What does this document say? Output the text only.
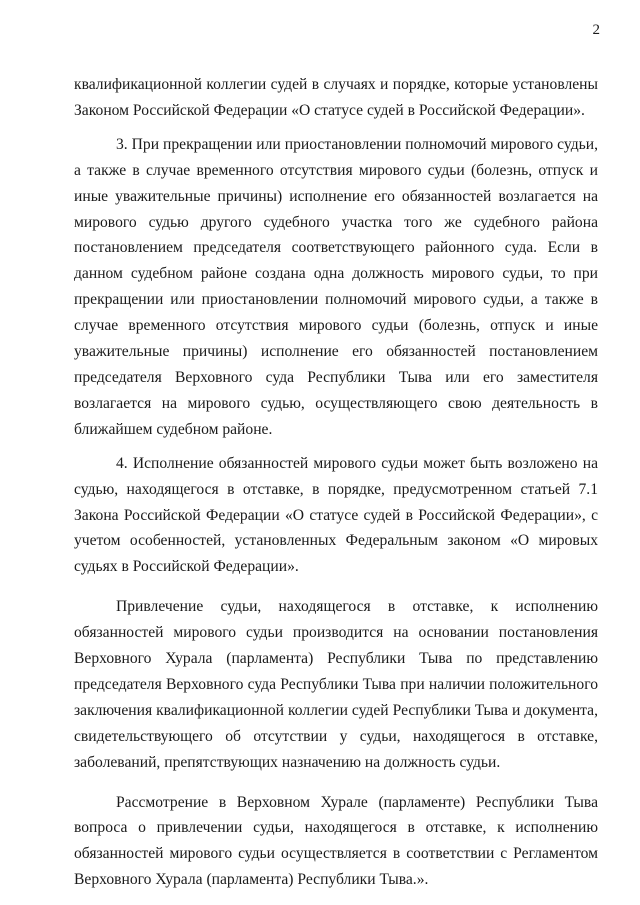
2

квалификационной коллегии судей в случаях и порядке, которые установлены Законом Российской Федерации «О статусе судей в Российской Федерации».

3. При прекращении или приостановлении полномочий мирового судьи, а также в случае временного отсутствия мирового судьи (болезнь, отпуск и иные уважительные причины) исполнение его обязанностей возлагается на мирового судью другого судебного участка того же судебного района постановлением председателя соответствующего районного суда. Если в данном судебном районе создана одна должность мирового судьи, то при прекращении или приостановлении полномочий мирового судьи, а также в случае временного отсутствия мирового судьи (болезнь, отпуск и иные уважительные причины) исполнение его обязанностей постановлением председателя Верховного суда Республики Тыва или его заместителя возлагается на мирового судью, осуществляющего свою деятельность в ближайшем судебном районе.

4. Исполнение обязанностей мирового судьи может быть возложено на судью, находящегося в отставке, в порядке, предусмотренном статьей 7.1 Закона Российской Федерации «О статусе судей в Российской Федерации», с учетом особенностей, установленных Федеральным законом «О мировых судьях в Российской Федерации».

Привлечение судьи, находящегося в отставке, к исполнению обязанностей мирового судьи производится на основании постановления Верховного Хурала (парламента) Республики Тыва по представлению председателя Верховного суда Республики Тыва при наличии положительного заключения квалификационной коллегии судей Республики Тыва и документа, свидетельствующего об отсутствии у судьи, находящегося в отставке, заболеваний, препятствующих назначению на должность судьи.

Рассмотрение в Верховном Хурале (парламенте) Республики Тыва вопроса о привлечении судьи, находящегося в отставке, к исполнению обязанностей мирового судьи осуществляется в соответствии с Регламентом Верховного Хурала (парламента) Республики Тыва.».
